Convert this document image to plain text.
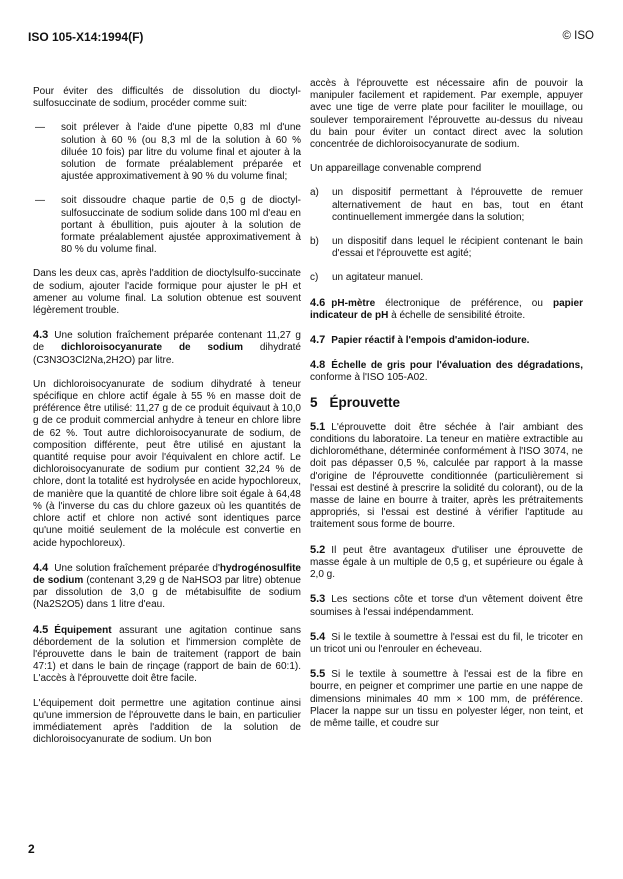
ISO 105-X14:1994(F)	© ISO

Pour éviter des difficultés de dissolution du dioctyl-sulfosuccinate de sodium, procéder comme suit:

—	soit prélever à l'aide d'une pipette 0,83 ml d'une solution à 60 % (ou 8,3 ml de la solution à 60 % diluée 10 fois) par litre du volume final et ajouter à la solution de formate préalablement préparée et ajustée approximativement à 90 % du volume final;
—	soit dissoudre chaque partie de 0,5 g de dioctyl-sulfosuccinate de sodium solide dans 100 ml d'eau en portant à ébullition, puis ajouter à la solution de formate préalablement ajustée approximativement à 80 % du volume final.

Dans les deux cas, après l'addition de dioctylsulfo-succinate de sodium, ajouter l'acide formique pour ajuster le pH et amener au volume final. La solution obtenue est souvent légèrement trouble.

4.3 Une solution fraîchement préparée contenant 11,27 g de dichloroisocyanurate de sodium dihydraté (C3N3O3Cl2Na,2H2O) par litre.

Un dichloroisocyanurate de sodium dihydraté à teneur spécifique en chlore actif égale à 55 % en masse doit de préférence être utilisé: 11,27 g de ce produit équivaut à 10,0 g de ce produit commercial anhydre à teneur en chlore libre de 62 %. Tout autre dichloroisocyanurate de sodium, de composition différente, peut être utilisé en ajustant la quantité requise pour avoir l'équivalent en chlore actif. Le dichloroisocyanurate de sodium pur contient 32,24 % de chlore, dont la totalité est hydrolysée en acide hypochloreux, de manière que la quantité de chlore libre soit égale à 64,48 % (à l'inverse du cas du chlore gazeux où les quantités de chlore actif et chlore non activé sont identiques parce qu'une moitié seulement de la molécule est convertie en acide hypochloreux).

4.4 Une solution fraîchement préparée d'hydrogénosulfite de sodium (contenant 3,29 g de NaHSO3 par litre) obtenue par dissolution de 3,0 g de métabisulfite de sodium (Na2S2O5) dans 1 litre d'eau.

4.5 Équipement assurant une agitation continue sans débordement de la solution et l'immersion complète de l'éprouvette dans le bain de traitement (rapport de bain 47:1) et dans le bain de rinçage (rapport de bain de 60:1). L'accès à l'éprouvette doit être facile.

L'équipement doit permettre une agitation continue ainsi qu'une immersion de l'éprouvette dans le bain, en particulier immédiatement après l'addition de la solution de dichloroisocyanurate de sodium. Un bon

accès à l'éprouvette est nécessaire afin de pouvoir la manipuler facilement et rapidement. Par exemple, appuyer avec une tige de verre plate pour faciliter le mouillage, ou soulever temporairement l'éprouvette au-dessus du niveau du bain pour éviter un contact direct avec la solution concentrée de dichloroisocyanurate de sodium.

Un appareillage convenable comprend

a)	un dispositif permettant à l'éprouvette de remuer alternativement de haut en bas, tout en étant continuellement immergée dans la solution;
b)	un dispositif dans lequel le récipient contenant le bain d'essai et l'éprouvette est agité;
c)	un agitateur manuel.

4.6 pH-mètre électronique de préférence, ou papier indicateur de pH à échelle de sensibilité étroite.

4.7 Papier réactif à l'empois d'amidon-iodure.

4.8 Échelle de gris pour l'évaluation des dégradations, conforme à l'ISO 105-A02.

5 Éprouvette

5.1 L'éprouvette doit être séchée à l'air ambiant des conditions du laboratoire. La teneur en matière extractible au dichlorométhane, déterminée conformément à l'ISO 3074, ne doit pas dépasser 0,5 %, calculée par rapport à la masse d'origine de l'éprouvette conditionnée (particulièrement si l'essai est destiné à prescrire la solidité du colorant), ou de la masse de laine en bourre à traiter, après les prétraitements appropriés, si l'essai est destiné à vérifier l'aptitude au traitement sous forme de bourre.

5.2 Il peut être avantageux d'utiliser une éprouvette de masse égale à un multiple de 0,5 g, et supérieure ou égale à 2,0 g.

5.3 Les sections côte et torse d'un vêtement doivent être soumises à l'essai indépendamment.

5.4 Si le textile à soumettre à l'essai est du fil, le tricoter en un tricot uni ou l'enrouler en écheveau.

5.5 Si le textile à soumettre à l'essai est de la fibre en bourre, en peigner et comprimer une partie en une nappe de dimensions minimales 40 mm × 100 mm, de préférence. Placer la nappe sur un tissu en polyester léger, non teint, et de même taille, et coudre sur

2
